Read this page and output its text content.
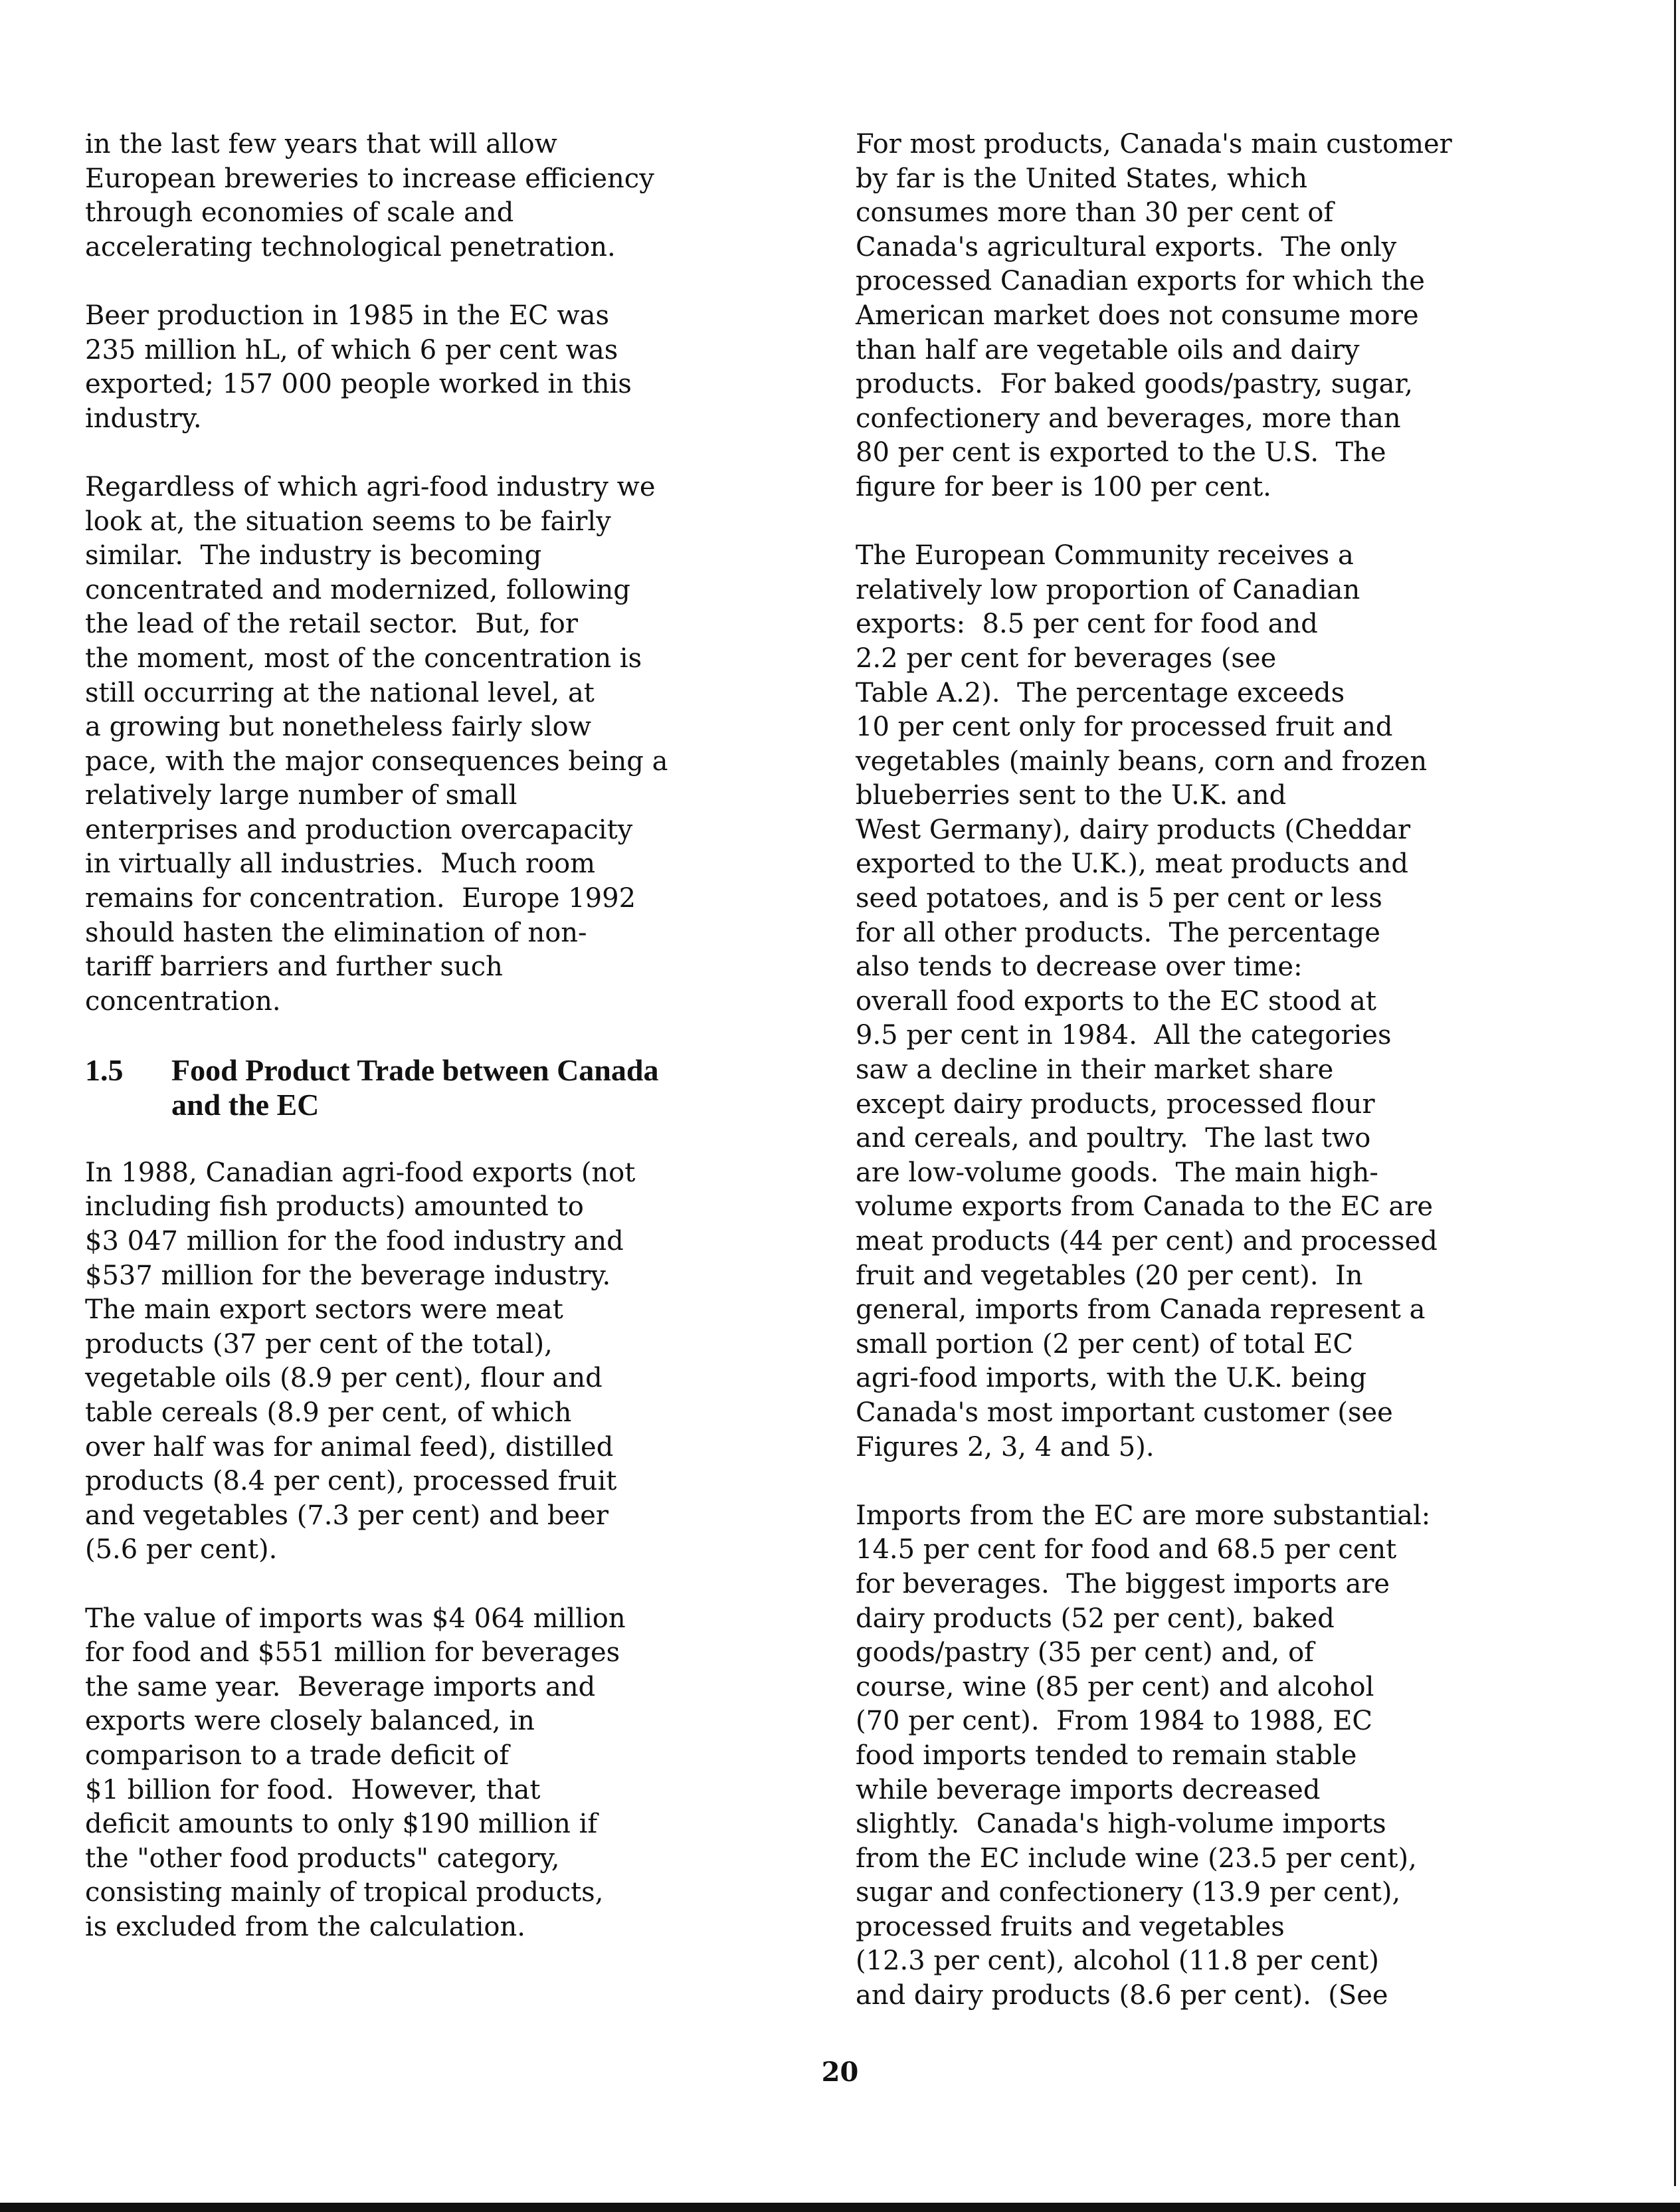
in the last few years that will allow
European breweries to increase efficiency
through economies of scale and
accelerating technological penetration.
Beer production in 1985 in the EC was
235 million hL, of which 6 per cent was
exported; 157 000 people worked in this
industry.
Regardless of which agri-food industry we
look at, the situation seems to be fairly
similar.  The industry is becoming
concentrated and modernized, following
the lead of the retail sector.  But, for
the moment, most of the concentration is
still occurring at the national level, at
a growing but nonetheless fairly slow
pace, with the major consequences being a
relatively large number of small
enterprises and production overcapacity
in virtually all industries.  Much room
remains for concentration.  Europe 1992
should hasten the elimination of non-
tariff barriers and further such
concentration.
1.5 Food Product Trade between Canada
and the EC
In 1988, Canadian agri-food exports (not
including fish products) amounted to
$3 047 million for the food industry and
$537 million for the beverage industry.
The main export sectors were meat
products (37 per cent of the total),
vegetable oils (8.9 per cent), flour and
table cereals (8.9 per cent, of which
over half was for animal feed), distilled
products (8.4 per cent), processed fruit
and vegetables (7.3 per cent) and beer
(5.6 per cent).
The value of imports was $4 064 million
for food and $551 million for beverages
the same year.  Beverage imports and
exports were closely balanced, in
comparison to a trade deficit of
$1 billion for food.  However, that
deficit amounts to only $190 million if
the "other food products" category,
consisting mainly of tropical products,
is excluded from the calculation.
For most products, Canada's main customer
by far is the United States, which
consumes more than 30 per cent of
Canada's agricultural exports.  The only
processed Canadian exports for which the
American market does not consume more
than half are vegetable oils and dairy
products.  For baked goods/pastry, sugar,
confectionery and beverages, more than
80 per cent is exported to the U.S.  The
figure for beer is 100 per cent.
The European Community receives a
relatively low proportion of Canadian
exports:  8.5 per cent for food and
2.2 per cent for beverages (see
Table A.2).  The percentage exceeds
10 per cent only for processed fruit and
vegetables (mainly beans, corn and frozen
blueberries sent to the U.K. and
West Germany), dairy products (Cheddar
exported to the U.K.), meat products and
seed potatoes, and is 5 per cent or less
for all other products.  The percentage
also tends to decrease over time:
overall food exports to the EC stood at
9.5 per cent in 1984.  All the categories
saw a decline in their market share
except dairy products, processed flour
and cereals, and poultry.  The last two
are low-volume goods.  The main high-
volume exports from Canada to the EC are
meat products (44 per cent) and processed
fruit and vegetables (20 per cent).  In
general, imports from Canada represent a
small portion (2 per cent) of total EC
agri-food imports, with the U.K. being
Canada's most important customer (see
Figures 2, 3, 4 and 5).
Imports from the EC are more substantial:
14.5 per cent for food and 68.5 per cent
for beverages.  The biggest imports are
dairy products (52 per cent), baked
goods/pastry (35 per cent) and, of
course, wine (85 per cent) and alcohol
(70 per cent).  From 1984 to 1988, EC
food imports tended to remain stable
while beverage imports decreased
slightly.  Canada's high-volume imports
from the EC include wine (23.5 per cent),
sugar and confectionery (13.9 per cent),
processed fruits and vegetables
(12.3 per cent), alcohol (11.8 per cent)
and dairy products (8.6 per cent).  (See
20
